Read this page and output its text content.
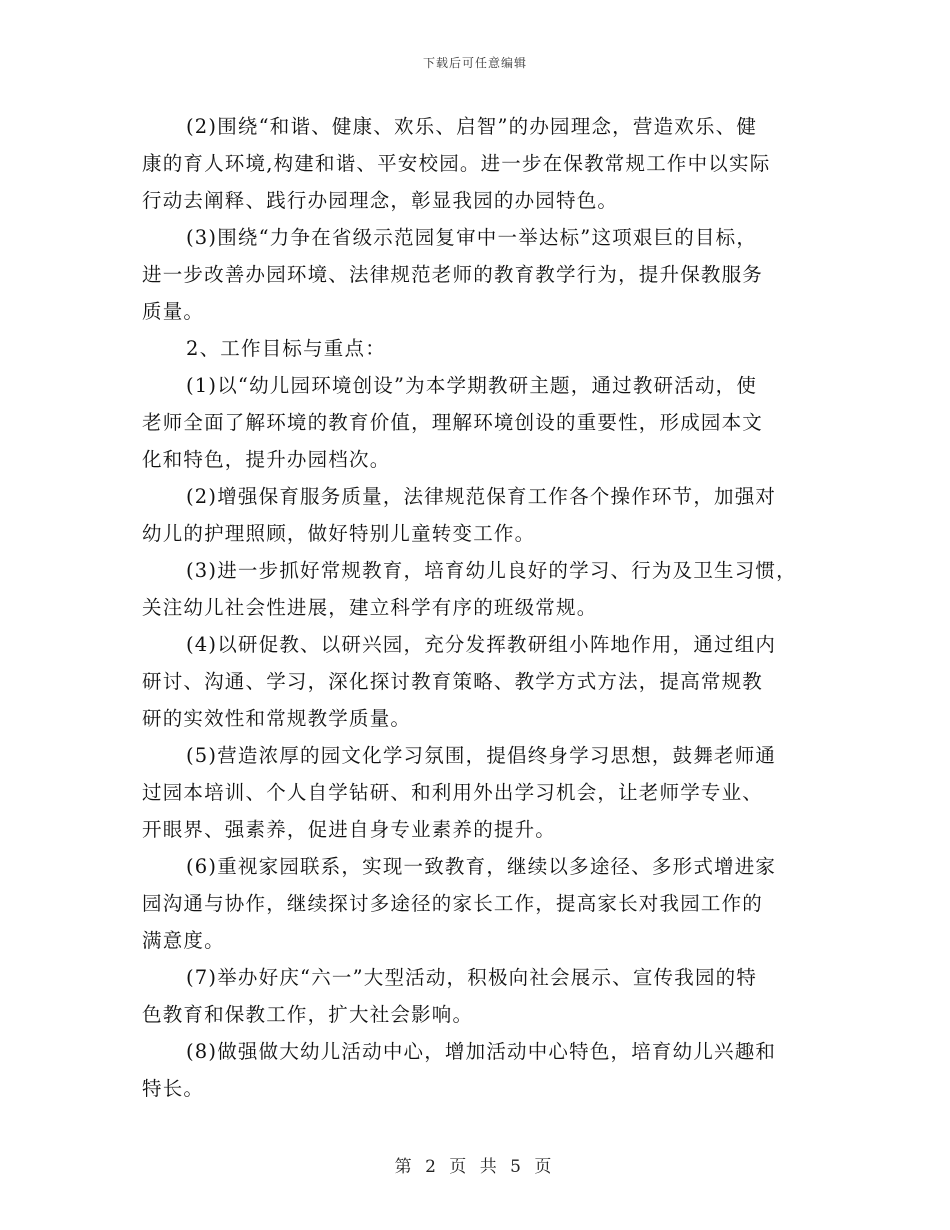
下载后可任意编辑
(2)围绕“和谐、健康、欢乐、启智”的办园理念，营造欢乐、健
康的育人环境,构建和谐、平安校园。进一步在保教常规工作中以实际
行动去阐释、践行办园理念，彰显我园的办园特色。
(3)围绕“力争在省级示范园复审中一举达标”这项艰巨的目标，
进一步改善办园环境、法律规范老师的教育教学行为，提升保教服务
质量。
2、工作目标与重点：
(1)以“幼儿园环境创设”为本学期教研主题，通过教研活动，使
老师全面了解环境的教育价值，理解环境创设的重要性，形成园本文
化和特色，提升办园档次。
(2)增强保育服务质量，法律规范保育工作各个操作环节，加强对
幼儿的护理照顾，做好特别儿童转变工作。
(3)进一步抓好常规教育，培育幼儿良好的学习、行为及卫生习惯，
关注幼儿社会性进展，建立科学有序的班级常规。
(4)以研促教、以研兴园，充分发挥教研组小阵地作用，通过组内
研讨、沟通、学习，深化探讨教育策略、教学方式方法，提高常规教
研的实效性和常规教学质量。
(5)营造浓厚的园文化学习氛围，提倡终身学习思想，鼓舞老师通
过园本培训、个人自学钻研、和利用外出学习机会，让老师学专业、
开眼界、强素养，促进自身专业素养的提升。
(6)重视家园联系，实现一致教育，继续以多途径、多形式增进家
园沟通与协作，继续探讨多途径的家长工作，提高家长对我园工作的
满意度。
(7)举办好庆“六一”大型活动，积极向社会展示、宣传我园的特
色教育和保教工作，扩大社会影响。
(8)做强做大幼儿活动中心，增加活动中心特色，培育幼儿兴趣和
特长。
第 2 页 共 5 页
